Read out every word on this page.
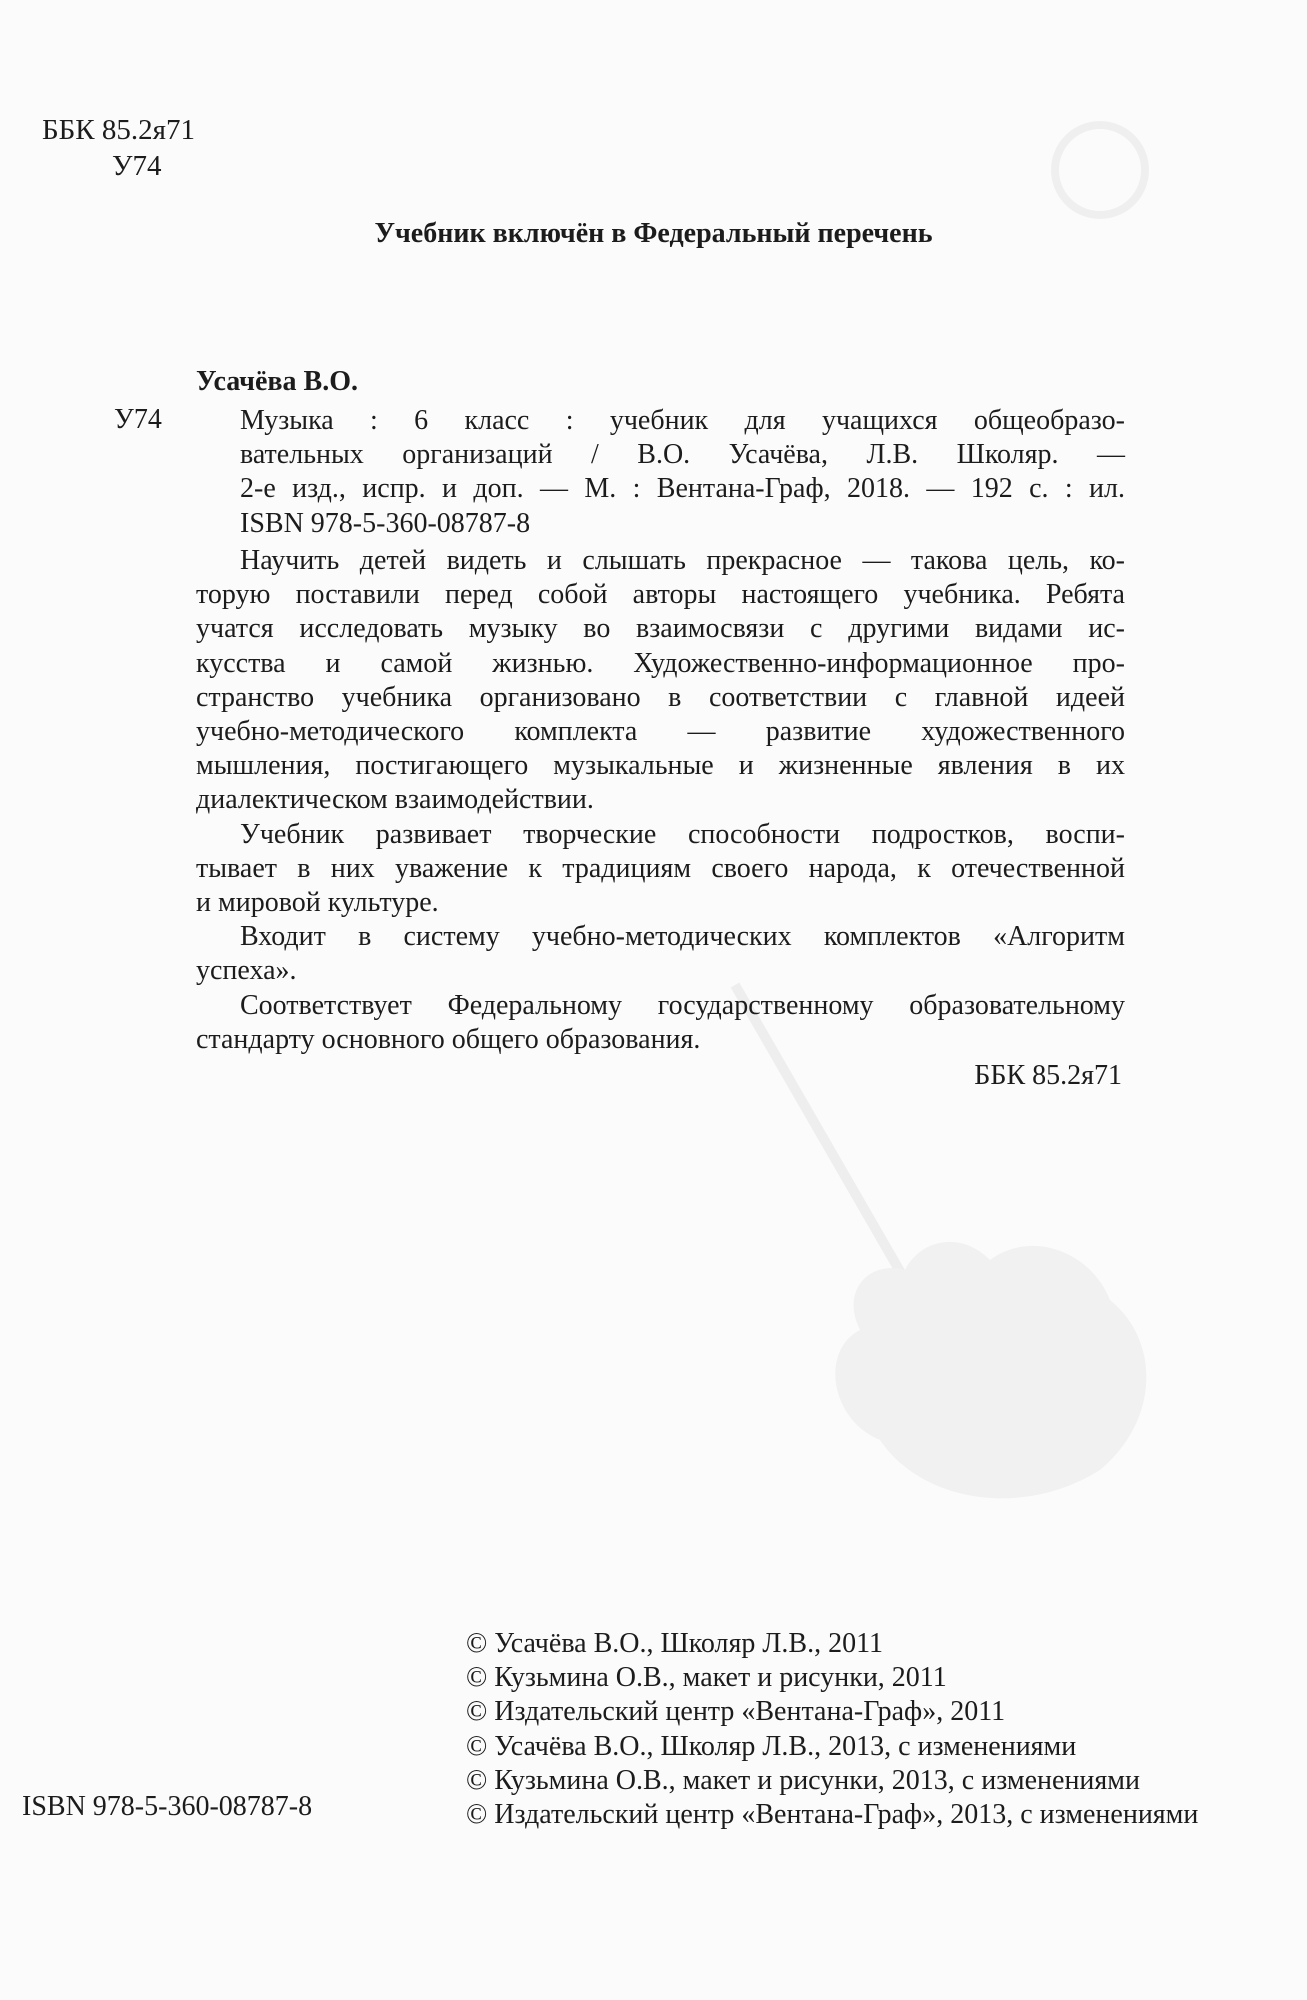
ББК 85.2я71
У74
Учебник включён в Федеральный перечень
Усачёва В.О.
У74	Музыка : 6 класс : учебник для учащихся общеобразо-
вательных организаций / В.О. Усачёва, Л.В. Школяр. —
2-е изд., испр. и доп. — М. : Вентана-Граф, 2018. — 192 с. : ил.
ISBN 978-5-360-08787-8
Научить детей видеть и слышать прекрасное — такова цель, ко-
торую поставили перед собой авторы настоящего учебника. Ребята
учатся исследовать музыку во взаимосвязи с другими видами ис-
кусства и самой жизнью. Художественно-информационное про-
странство учебника организовано в соответствии с главной идеей
учебно-методического комплекта — развитие художественного
мышления, постигающего музыкальные и жизненные явления в их
диалектическом взаимодействии.
Учебник развивает творческие способности подростков, воспи-
тывает в них уважение к традициям своего народа, к отечественной
и мировой культуре.
Входит в систему учебно-методических комплектов «Алгоритм
успеха».
Соответствует Федеральному государственному образовательному
стандарту основного общего образования.
ББК 85.2я71
© Усачёва В.О., Школяр Л.В., 2011
© Кузьмина О.В., макет и рисунки, 2011
© Издательский центр «Вентана-Граф», 2011
© Усачёва В.О., Школяр Л.В., 2013, с изменениями
© Кузьмина О.В., макет и рисунки, 2013, с изменениями
© Издательский центр «Вентана-Граф», 2013, с изменениями
ISBN 978-5-360-08787-8
